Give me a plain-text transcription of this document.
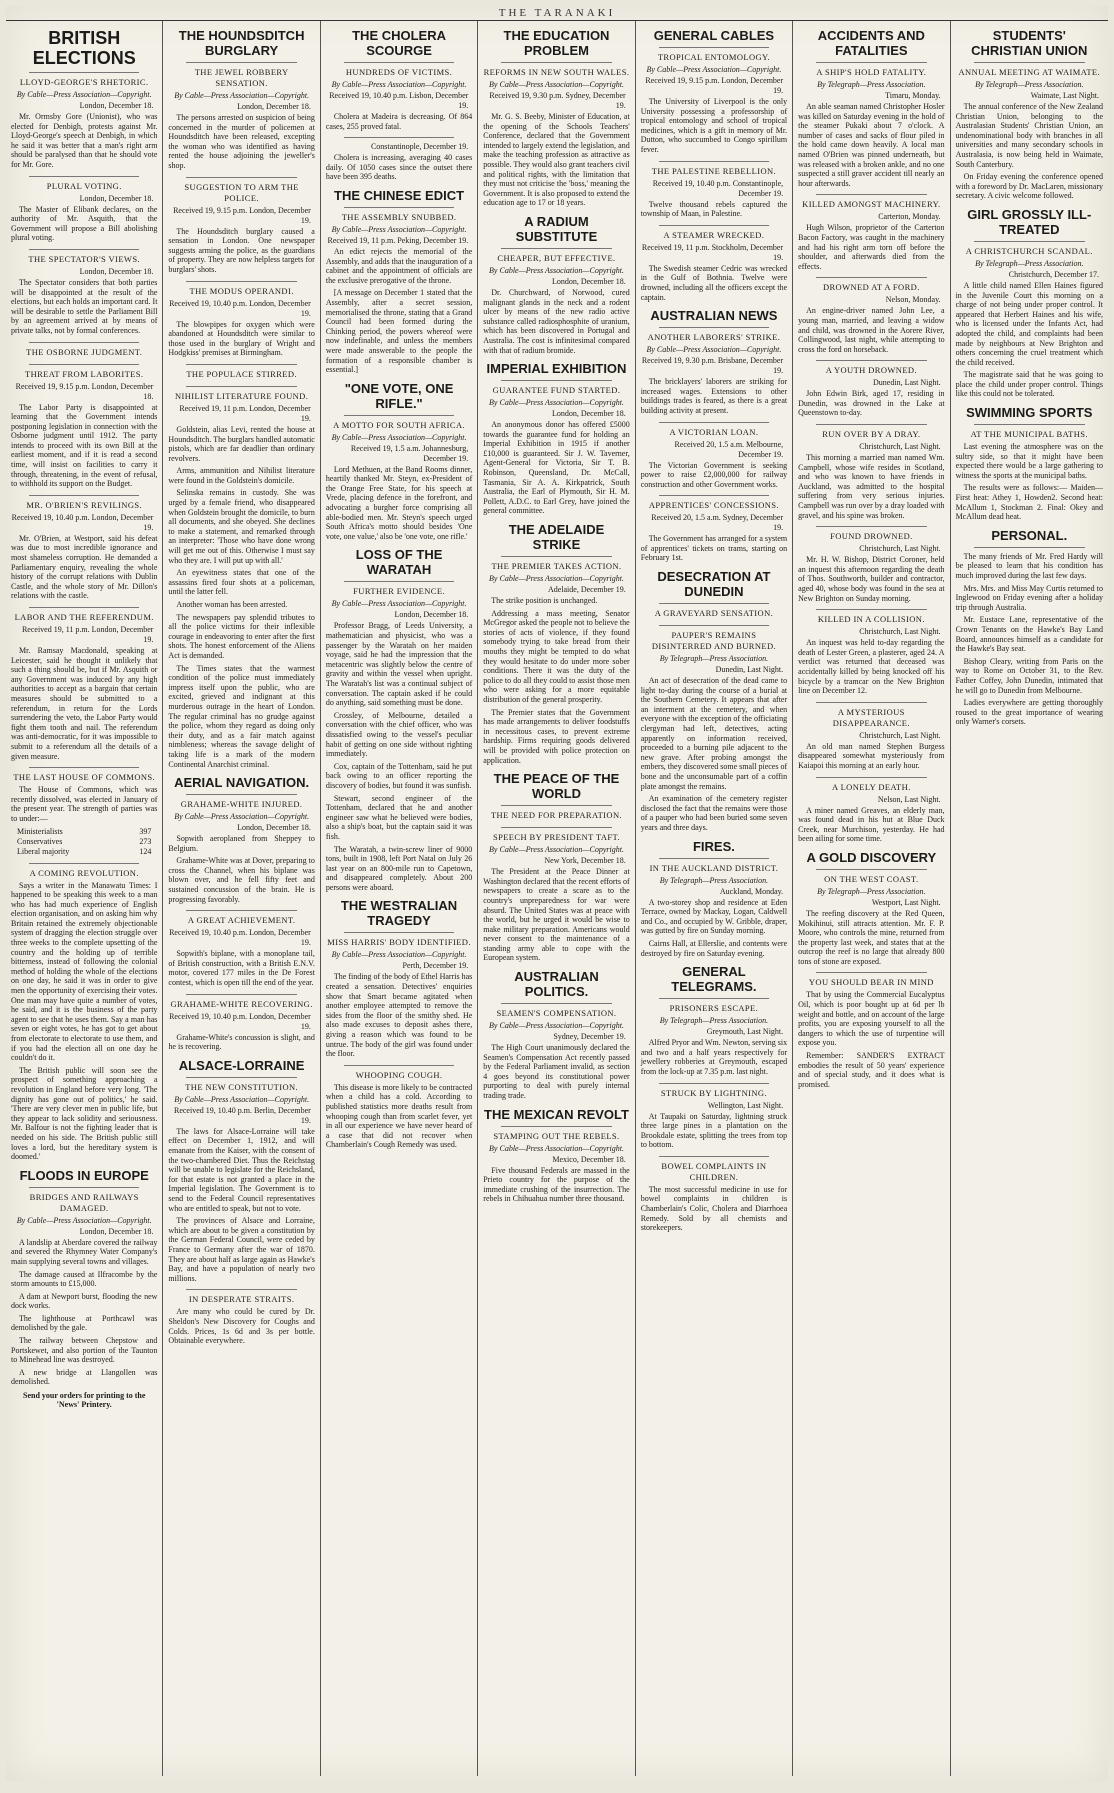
THE TARANAKI
BRITISH ELECTIONS
LLOYD-GEORGE'S RHETORIC.
By Cable—Press Association—Copyright.
London, December 18.

Mr. Ormsby Gore (Unionist), who was elected for Denbigh, protests against Mr. Lloyd-George's speech at Denbigh, in which he said it was better that a man's right arm should be paralysed than that he should vote for Mr. Gore.

PLURAL VOTING.
London, December 18.

The Master of Elibank declares, on the authority of Mr. Asquith, that the Government will propose a Bill abolishing plural voting.

THE SPECTATOR'S VIEWS.
London, December 18.

The Spectator considers that both parties will be disappointed at the result of the elections, but each holds an important card. It will be desirable to settle the Parliament Bill by an agreement arrived at by means of private talks, not by formal conferences.

THE OSBORNE JUDGMENT.
THREAT FROM LABORITES.
Received 19, 9.15 p.m. London, December 18.

The Labor Party is disappointed at learning that the Government intends postponing legislation in connection with the Osborne judgment until 1912. The party intends to proceed with its own Bill at the earliest moment, and if it is read a second time, will insist on facilities to carry it through, threatening, in the event of refusal, to withhold its support on the Budget.

MR. O'BRIEN'S REVILINGS.
Received 19, 10.40 p.m. London, December 19.

Mr. O'Brien, at Westport, said his defeat was due to most incredible ignorance and most shameless corruption. He demanded a Parliamentary enquiry, revealing the whole history of the corrupt relations with Dublin Castle, and the whole story of Mr. Dillon's relations with the castle.

LABOR AND THE REFERENDUM.
Received 19, 11 p.m. London, December 19.

Mr. Ramsay Macdonald, speaking at Leicester, said he thought it unlikely that such a thing should be, but if Mr. Asquith or any Government was induced by any high authorities to accept as a bargain that certain measures should be submitted to a referendum, in return for the Lords surrendering the veto, the Labor Party would fight them tooth and nail. The referendum was anti-democratic, for it was impossible to submit to a referendum all the details of a given measure.

THE LAST HOUSE OF COMMONS.

The House of Commons, which was recently dissolved, was elected in January of the present year. The strength of parties was to under:—

Ministerialists	397
Conservatives	273
Liberal majority	124
A COMING REVOLUTION.

Says a writer in the Manawatu Times: I happened to be speaking this week to a man who has had much experience of English election organisation, and on asking him why Britain retained the extremely objectionable system of dragging the election struggle over three weeks to the complete upsetting of the country and the holding up of terrible bitterness, instead of following the colonial method of holding the whole of the elections on one day, he said it was in order to give men the opportunity of exercising their votes. One man may have quite a number of votes, he said, and it is the business of the party agent to see that he uses them. Say a man has seven or eight votes, he has got to get about from electorate to electorate to use them, and if you had the election all on one day he couldn't do it.

The British public will soon see the prospect of something approaching a revolution in England before very long. 'The dignity has gone out of politics,' he said. 'There are very clever men in public life, but they appear to lack solidity and seriousness. Mr. Balfour is not the fighting leader that is needed on his side. The British public still loves a lord, but the hereditary system is doomed.'

FLOODS IN EUROPE
BRIDGES AND RAILWAYS DAMAGED.
By Cable—Press Association—Copyright.
London, December 18.

A landslip at Aberdare covered the railway and severed the Rhymney Water Company's main supplying several towns and villages.

The damage caused at Ilfracombe by the storm amounts to £15,000.

A dam at Newport burst, flooding the new dock works.

The lighthouse at Porthcawl was demolished by the gale.

The railway between Chepstow and Portskewet, and also portion of the Taunton to Minehead line was destroyed.

A new bridge at Llangollen was demolished.

Send your orders for printing to the 'News' Printery.
THE HOUNDSDITCH BURGLARY
THE JEWEL ROBBERY SENSATION.
By Cable—Press Association—Copyright.
London, December 18.

The persons arrested on suspicion of being concerned in the murder of policemen at Houndsditch have been released, excepting the woman who was identified as having rented the house adjoining the jeweller's shop.

SUGGESTION TO ARM THE POLICE.
Received 19, 9.15 p.m. London, December 19.

The Houndsditch burglary caused a sensation in London. One newspaper suggests arming the police, as the guardians of property. They are now helpless targets for burglars' shots.

THE MODUS OPERANDI.
Received 19, 10.40 p.m. London, December 19.

The blowpipes for oxygen which were abandoned at Houndsditch were similar to those used in the burglary of Wright and Hodgkiss' premises at Birmingham.

THE POPULACE STIRRED.
NIHILIST LITERATURE FOUND.
Received 19, 11 p.m. London, December 19.

Goldstein, alias Levi, rented the house at Houndsditch. The burglars handled automatic pistols, which are far deadlier than ordinary revolvers.

Arms, ammunition and Nihilist literature were found in the Goldstein's domicile.

Selinska remains in custody. She was urged by a female friend, who disappeared when Goldstein brought the domicile, to burn all documents, and she obeyed. She declines to make a statement, and remarked through an interpreter: 'Those who have done wrong will get me out of this. Otherwise I must say who they are. I will put up with all.'

An eyewitness states that one of the assassins fired four shots at a policeman, until the latter fell.

Another woman has been arrested.

The newspapers pay splendid tributes to all the police victims for their inflexible courage in endeavoring to enter after the first shots. The honest enforcement of the Aliens Act is demanded.

The Times states that the warmest condition of the police must immediately impress itself upon the public, who are excited, grieved and indignant at this murderous outrage in the heart of London. The regular criminal has no grudge against the police, whom they regard as doing only their duty, and as a fair match against nimbleness; whereas the savage delight of taking life is a mark of the modern Continental Anarchist criminal.

AERIAL NAVIGATION.
GRAHAME-WHITE INJURED.
By Cable—Press Association—Copyright.
London, December 18.

Sopwith aeroplaned from Sheppey to Belgium.

Grahame-White was at Dover, preparing to cross the Channel, when his biplane was blown over, and he fell fifty feet and sustained concussion of the brain. He is progressing favorably.

A GREAT ACHIEVEMENT.
Received 19, 10.40 p.m. London, December 19.

Sopwith's biplane, with a monoplane tail, of British construction, with a British E.N.V. motor, covered 177 miles in the De Forest contest, which is open till the end of the year.

GRAHAME-WHITE RECOVERING.
Received 19, 10.40 p.m. London, December 19.

Grahame-White's concussion is slight, and he is recovering.

ALSACE-LORRAINE
THE NEW CONSTITUTION.
By Cable—Press Association—Copyright.
Received 19, 10.40 p.m. Berlin, December 19.

The laws for Alsace-Lorraine will take effect on December 1, 1912, and will emanate from the Kaiser, with the consent of the two-chambered Diet. Thus the Reichstag will be unable to legislate for the Reichsland, for that estate is not granted a place in the Imperial legislation. The Government is to send to the Federal Council representatives who are entitled to speak, but not to vote.

The provinces of Alsace and Lorraine, which are about to be given a constitution by the German Federal Council, were ceded by France to Germany after the war of 1870. They are about half as large again as Hawke's Bay, and have a population of nearly two millions.

IN DESPERATE STRAITS.

Are many who could be cured by Dr. Sheldon's New Discovery for Coughs and Colds. Prices, 1s 6d and 3s per bottle. Obtainable everywhere.

THE CHOLERA SCOURGE
HUNDREDS OF VICTIMS.
By Cable—Press Association—Copyright.
Received 19, 10.40 p.m. Lisbon, December 19.

Cholera at Madeira is decreasing. Of 864 cases, 255 proved fatal.

Constantinople, December 19.

Cholera is increasing, averaging 40 cases daily. Of 1050 cases since the outset there have been 395 deaths.

THE CHINESE EDICT
THE ASSEMBLY SNUBBED.
By Cable—Press Association—Copyright.
Received 19, 11 p.m. Peking, December 19.

An edict rejects the memorial of the Assembly, and adds that the inauguration of a cabinet and the appointment of officials are the exclusive prerogative of the throne.

[A message on December 1 stated that the Assembly, after a secret session, memorialised the throne, stating that a Grand Council had been formed during the Chinking period, the powers whereof were now indefinable, and unless the members were made answerable to the people the formation of a responsible chamber is essential.]

"ONE VOTE, ONE RIFLE."
A MOTTO FOR SOUTH AFRICA.
By Cable—Press Association—Copyright.
Received 19, 1.5 a.m. Johannesburg, December 19.

Lord Methuen, at the Band Rooms dinner, heartily thanked Mr. Steyn, ex-President of the Orange Free State, for his speech at Vrede, placing defence in the forefront, and advocating a burgher force comprising all able-bodied men. Mr. Steyn's speech urged South Africa's motto should besides 'One vote, one value,' also be 'one vote, one rifle.'

LOSS OF THE WARATAH
FURTHER EVIDENCE.
By Cable—Press Association—Copyright.
London, December 18.

Professor Bragg, of Leeds University, a mathematician and physicist, who was a passenger by the Waratah on her maiden voyage, said he had the impression that the metacentric was slightly below the centre of gravity and within the vessel when upright. The Waratah's list was a continual subject of conversation. The captain asked if he could do anything, said something must be done.

Crossley, of Melbourne, detailed a conversation with the chief officer, who was dissatisfied owing to the vessel's peculiar habit of getting on one side without righting immediately.

Cox, captain of the Tottenham, said he put back owing to an officer reporting the discovery of bodies, but found it was sunfish.

Stewart, second engineer of the Tottenham, declared that he and another engineer saw what he believed were bodies, also a ship's boat, but the captain said it was fish.

The Waratah, a twin-screw liner of 9000 tons, built in 1908, left Port Natal on July 26 last year on an 800-mile run to Capetown, and disappeared completely. About 200 persons were aboard.

THE WESTRALIAN TRAGEDY
MISS HARRIS' BODY IDENTIFIED.
By Cable—Press Association—Copyright.
Perth, December 19.

The finding of the body of Ethel Harris has created a sensation. Detectives' enquiries show that Smart became agitated when another employee attempted to remove the sides from the floor of the smithy shed. He also made excuses to deposit ashes there, giving a reason which was found to be untrue. The body of the girl was found under the floor.

WHOOPING COUGH.

This disease is more likely to be contracted when a child has a cold. According to published statistics more deaths result from whooping cough than from scarlet fever, yet in all our experience we have never heard of a case that did not recover when Chamberlain's Cough Remedy was used.

THE EDUCATION PROBLEM
REFORMS IN NEW SOUTH WALES.
By Cable—Press Association—Copyright.
Received 19, 9.30 p.m. Sydney, December 19.

Mr. G. S. Beeby, Minister of Education, at the opening of the Schools Teachers' Conference, declared that the Government intended to largely extend the legislation, and make the teaching profession as attractive as possible. They would also grant teachers civil and political rights, with the limitation that they must not criticise the 'boss,' meaning the Government. It is also proposed to extend the education age to 17 or 18 years.

A RADIUM SUBSTITUTE
CHEAPER, BUT EFFECTIVE.
By Cable—Press Association—Copyright.
London, December 18.

Dr. Churchward, of Norwood, cured malignant glands in the neck and a rodent ulcer by means of the new radio active substance called radiosphosphite of uranium, which has been discovered in Portugal and Australia. The cost is infinitesimal compared with that of radium bromide.

IMPERIAL EXHIBITION
GUARANTEE FUND STARTED.
By Cable—Press Association—Copyright.
London, December 18.

An anonymous donor has offered £5000 towards the guarantee fund for holding an Imperial Exhibition in 1915 if another £10,000 is guaranteed. Sir J. W. Taverner, Agent-General for Victoria, Sir T. B. Robinson, Queensland, Dr. McCall, Tasmania, Sir A. A. Kirkpatrick, South Australia, the Earl of Plymouth, Sir H. M. Pollett, A.D.C. to Earl Grey, have joined the general committee.

THE ADELAIDE STRIKE
THE PREMIER TAKES ACTION.
By Cable—Press Association—Copyright.
Adelaide, December 19.

The strike position is unchanged.

Addressing a mass meeting, Senator McGregor asked the people not to believe the stories of acts of violence, if they found somebody trying to take bread from their mouths they might be tempted to do what they would hesitate to do under more sober conditions. There it was the duty of the police to do all they could to assist those men who were asking for a more equitable distribution of the general prosperity.

The Premier states that the Government has made arrangements to deliver foodstuffs in necessitous cases, to prevent extreme hardship. Firms requiring goods delivered will be provided with police protection on application.

THE PEACE OF THE WORLD
THE NEED FOR PREPARATION.
SPEECH BY PRESIDENT TAFT.
By Cable—Press Association—Copyright.
New York, December 18.

The President at the Peace Dinner at Washington declared that the recent efforts of newspapers to create a scare as to the country's unpreparedness for war were absurd. The United States was at peace with the world, but he urged it would be wise to make military preparation. Americans would never consent to the maintenance of a standing army able to cope with the European system.

AUSTRALIAN POLITICS.
SEAMEN'S COMPENSATION.
By Cable—Press Association—Copyright.
Sydney, December 19.

The High Court unanimously declared the Seamen's Compensation Act recently passed by the Federal Parliament invalid, as section 4 goes beyond its constitutional power purporting to deal with purely internal trading trade.

THE MEXICAN REVOLT
STAMPING OUT THE REBELS.
By Cable—Press Association—Copyright.
Mexico, December 18.

Five thousand Federals are massed in the Prieto country for the purpose of the immediate crushing of the insurrection. The rebels in Chihuahua number three thousand.

GENERAL CABLES
TROPICAL ENTOMOLOGY.
By Cable—Press Association—Copyright.
Received 19, 9.15 p.m. London, December 19.

The University of Liverpool is the only University possessing a professorship of tropical entomology and school of tropical medicines, which is a gift in memory of Mr. Dutton, who succumbed to Congo spirillum fever.

THE PALESTINE REBELLION.
Received 19, 10.40 p.m. Constantinople, December 19.

Twelve thousand rebels captured the township of Maan, in Palestine.

A STEAMER WRECKED.
Received 19, 11 p.m. Stockholm, December 19.

The Swedish steamer Cedric was wrecked in the Gulf of Bothnia. Twelve were drowned, including all the officers except the captain.

AUSTRALIAN NEWS
ANOTHER LABORERS' STRIKE.
By Cable—Press Association—Copyright.
Received 19, 9.30 p.m. Brisbane, December 19.

The bricklayers' laborers are striking for increased wages. Extensions to other buildings trades is feared, as there is a great building activity at present.

A VICTORIAN LOAN.
Received 20, 1.5 a.m. Melbourne, December 19.

The Victorian Government is seeking power to raise £2,000,000 for railway construction and other Government works.

APPRENTICES' CONCESSIONS.
Received 20, 1.5 a.m. Sydney, December 19.

The Government has arranged for a system of apprentices' tickets on trams, starting on February 1st.

DESECRATION AT DUNEDIN
A GRAVEYARD SENSATION.
PAUPER'S REMAINS DISINTERRED AND BURNED.
By Telegraph—Press Association.
Dunedin, Last Night.

An act of desecration of the dead came to light to-day during the course of a burial at the Southern Cemetery. It appears that after an interment at the cemetery, and when everyone with the exception of the officiating clergyman had left, detectives, acting apparently on information received, proceeded to a burning pile adjacent to the new grave. After probing amongst the embers, they discovered some small pieces of bone and the unconsumable part of a coffin plate amongst the remains.

An examination of the cemetery register disclosed the fact that the remains were those of a pauper who had been buried some seven years and three days.

FIRES.
IN THE AUCKLAND DISTRICT.
By Telegraph—Press Association.
Auckland, Monday.

A two-storey shop and residence at Eden Terrace, owned by Mackay, Logan, Caldwell and Co., and occupied by W. Gribble, draper, was gutted by fire on Sunday morning.

Cairns Hall, at Ellerslie, and contents were destroyed by fire on Saturday evening.

GENERAL TELEGRAMS.
PRISONERS ESCAPE.
By Telegraph—Press Association.
Greymouth, Last Night.

Alfred Pryor and Wm. Newton, serving six and two and a half years respectively for jewellery robberies at Greymouth, escaped from the lock-up at 7.35 p.m. last night.

STRUCK BY LIGHTNING.
Wellington, Last Night.

At Taupaki on Saturday, lightning struck three large pines in a plantation on the Brookdale estate, splitting the trees from top to bottom.

BOWEL COMPLAINTS IN CHILDREN.

The most successful medicine in use for bowel complaints in children is Chamberlain's Colic, Cholera and Diarrhoea Remedy. Sold by all chemists and storekeepers.

ACCIDENTS AND FATALITIES
A SHIP'S HOLD FATALITY.
By Telegraph—Press Association.
Timaru, Monday.

An able seaman named Christopher Hosler was killed on Saturday evening in the hold of the steamer Pukaki about 7 o'clock. A number of cases and sacks of flour piled in the hold came down heavily. A local man named O'Brien was pinned underneath, but was released with a broken ankle, and no one suspected a still graver accident till nearly an hour afterwards.

KILLED AMONGST MACHINERY.
Carterton, Monday.

Hugh Wilson, proprietor of the Carterton Bacon Factory, was caught in the machinery and had his right arm torn off before the shoulder, and afterwards died from the effects.

DROWNED AT A FORD.
Nelson, Monday.

An engine-driver named John Lee, a young man, married, and leaving a widow and child, was drowned in the Aorere River, Collingwood, last night, while attempting to cross the ford on horseback.

A YOUTH DROWNED.
Dunedin, Last Night.

John Edwin Birk, aged 17, residing in Dunedin, was drowned in the Lake at Queenstown to-day.

RUN OVER BY A DRAY.
Christchurch, Last Night.

This morning a married man named Wm. Campbell, whose wife resides in Scotland, and who was known to have friends in Auckland, was admitted to the hospital suffering from very serious injuries. Campbell was run over by a dray loaded with gravel, and his spine was broken.

FOUND DROWNED.
Christchurch, Last Night.

Mr. H. W. Bishop, District Coroner, held an inquest this afternoon regarding the death of Thos. Southworth, builder and contractor, aged 40, whose body was found in the sea at New Brighton on Sunday morning.

KILLED IN A COLLISION.
Christchurch, Last Night.

An inquest was held to-day regarding the death of Lester Green, a plasterer, aged 24. A verdict was returned that deceased was accidentally killed by being knocked off his bicycle by a tramcar on the New Brighton line on December 12.

A MYSTERIOUS DISAPPEARANCE.
Christchurch, Last Night.

An old man named Stephen Burgess disappeared somewhat mysteriously from Kaiapoi this morning at an early hour.

A LONELY DEATH.
Nelson, Last Night.

A miner named Greaves, an elderly man, was found dead in his hut at Blue Duck Creek, near Murchison, yesterday. He had been ailing for some time.

A GOLD DISCOVERY
ON THE WEST COAST.
By Telegraph—Press Association.
Westport, Last Night.

The reefing discovery at the Red Queen, Mokihinui, still attracts attention. Mr. F. P. Moore, who controls the mine, returned from the property last week, and states that at the outcrop the reef is no large that already 800 tons of stone are exposed.

YOU SHOULD BEAR IN MIND

That by using the Commercial Eucalyptus Oil, which is poor bought up at 6d per lb weight and bottle, and on account of the large profits, you are exposing yourself to all the dangers to which the use of turpentine will expose you.

Remember: SANDER'S EXTRACT embodies the result of 50 years' experience and of special study, and it does what is promised.

STUDENTS' CHRISTIAN UNION
ANNUAL MEETING AT WAIMATE.
By Telegraph—Press Association.
Waimate, Last Night.

The annual conference of the New Zealand Christian Union, belonging to the Australasian Students' Christian Union, an undenominational body with branches in all universities and many secondary schools in Australasia, is now being held in Waimate, South Canterbury.

On Friday evening the conference opened with a foreword by Dr. MacLaren, missionary secretary. A civic welcome followed.

GIRL GROSSLY ILL-TREATED
A CHRISTCHURCH SCANDAL.
By Telegraph—Press Association.
Christchurch, December 17.

A little child named Ellen Haines figured in the Juvenile Court this morning on a charge of not being under proper control. It appeared that Herbert Haines and his wife, who is licensed under the Infants Act, had adopted the child, and complaints had been made by neighbours at New Brighton and others concerning the cruel treatment which the child received.

The magistrate said that he was going to place the child under proper control. Things like this could not be tolerated.

SWIMMING SPORTS
AT THE MUNICIPAL BATHS.

Last evening the atmosphere was on the sultry side, so that it might have been expected there would be a large gathering to witness the sports at the municipal baths.

The results were as follows:— Maiden—First heat: Athey 1, Howden2. Second heat: McAllum 1, Stockman 2. Final: Okey and McAllum dead heat.

PERSONAL.

The many friends of Mr. Fred Hardy will be pleased to learn that his condition has much improved during the last few days.

Mrs. Mrs. and Miss May Curtis returned to Inglewood on Friday evening after a holiday trip through Australia.

Mr. Eustace Lane, representative of the Crown Tenants on the Hawke's Bay Land Board, announces himself as a candidate for the Hawke's Bay seat.

Bishop Cleary, writing from Paris on the way to Rome on October 31, to the Rev. Father Coffey, John Dunedin, intimated that he will go to Dunedin from Melbourne.

Ladies everywhere are getting thoroughly roused to the great importance of wearing only Warner's corsets.
